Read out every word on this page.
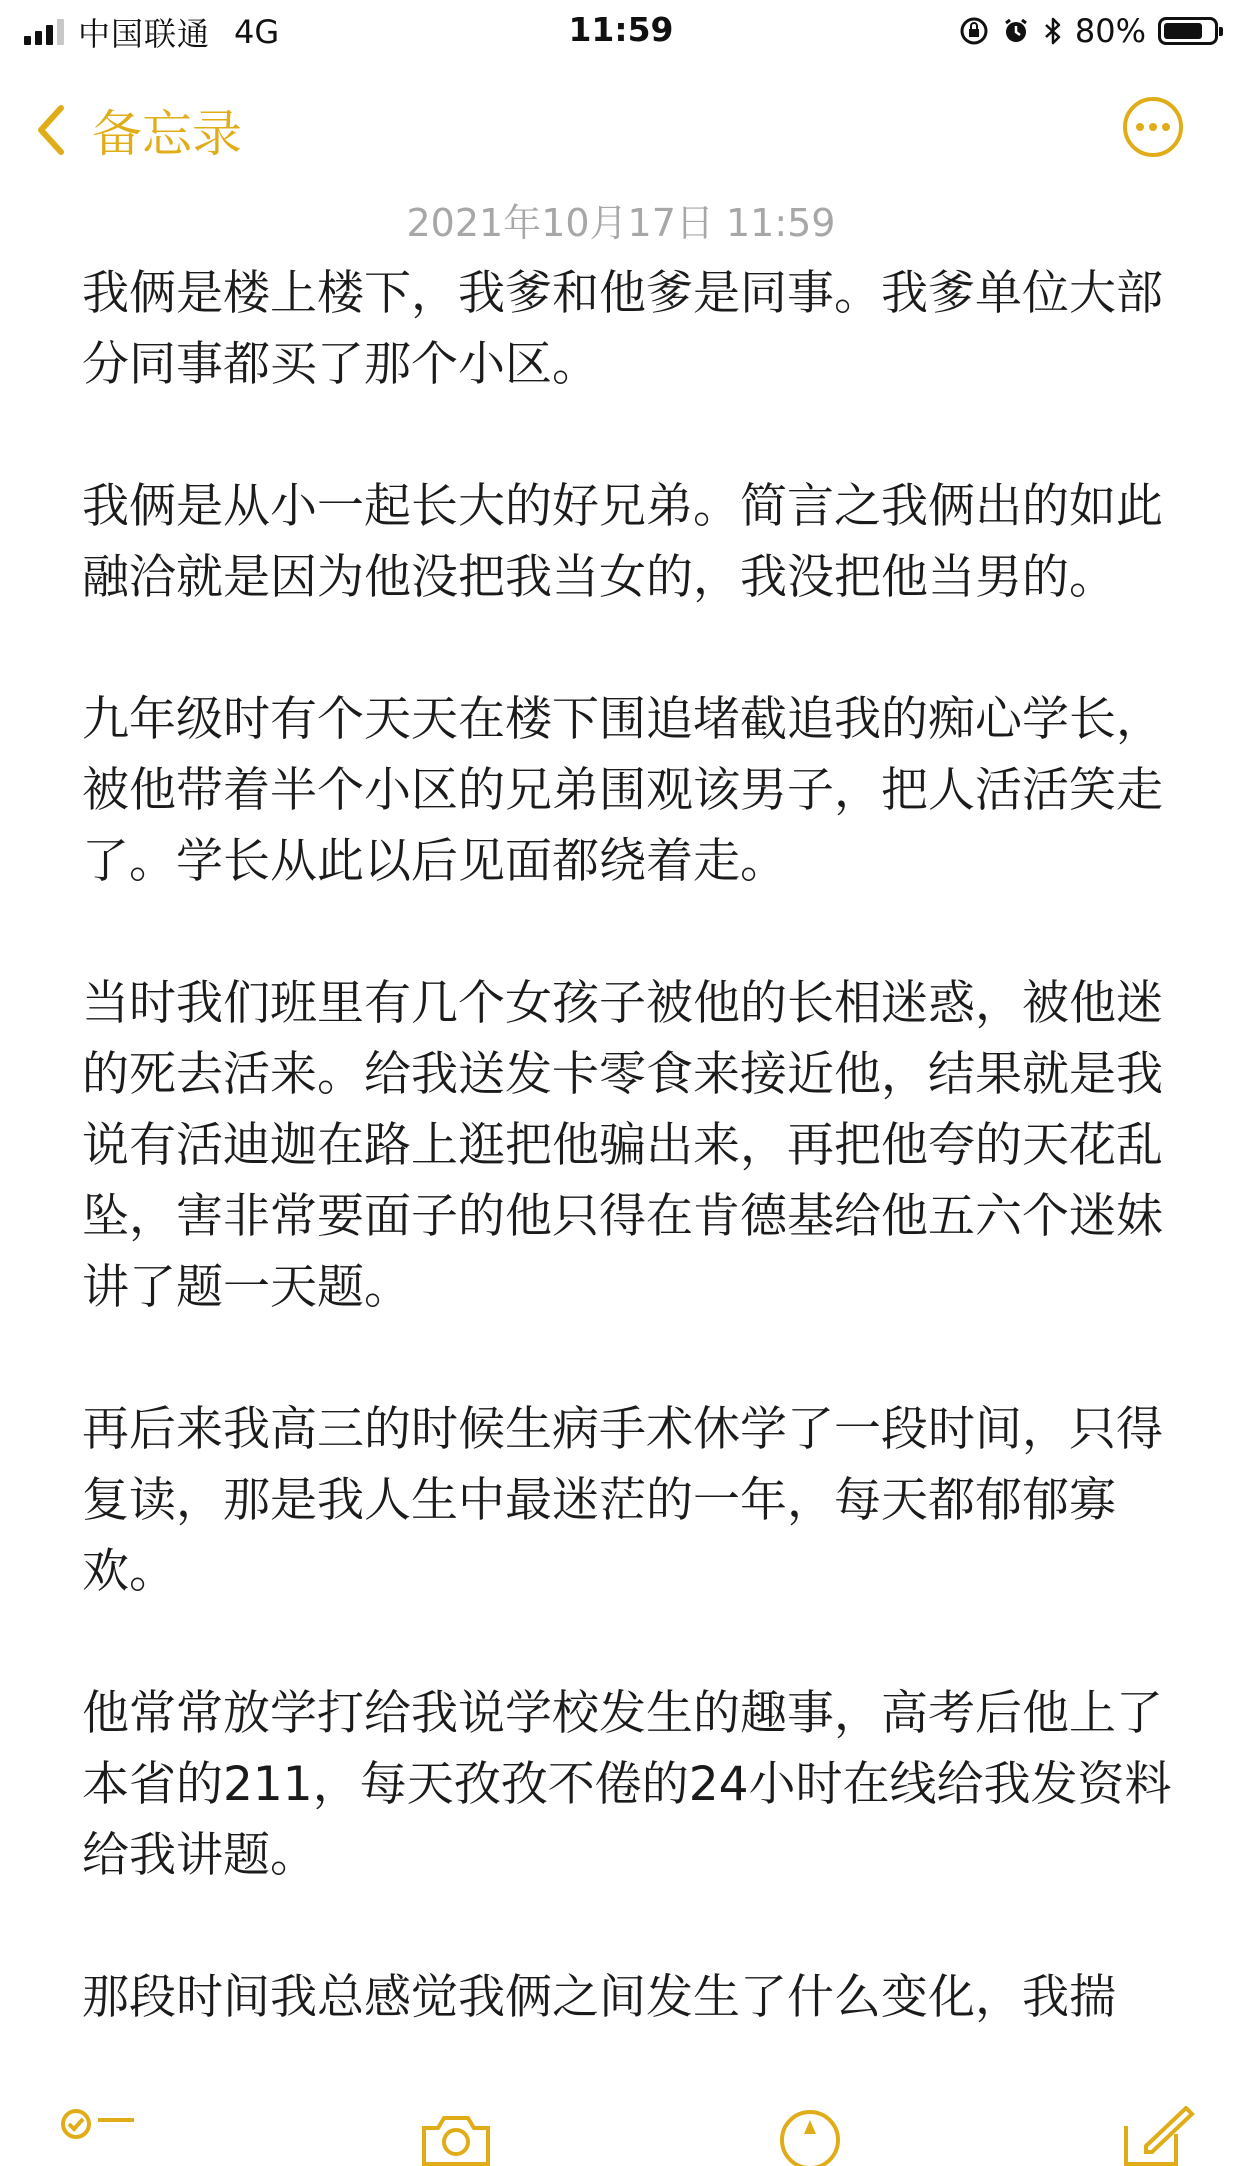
中国联通 4G	11:59	80%
备忘录
2021年10月17日 11:59

我俩是楼上楼下，我爹和他爹是同事。我爹单位大部分同事都买了那个小区。

我俩是从小一起长大的好兄弟。简言之我俩出的如此融洽就是因为他没把我当女的，我没把他当男的。

九年级时有个天天在楼下围追堵截追我的痴心学长，被他带着半个小区的兄弟围观该男子，把人活活笑走了。学长从此以后见面都绕着走。

当时我们班里有几个女孩子被他的长相迷惑，被他迷的死去活来。给我送发卡零食来接近他，结果就是我说有活迪迦在路上逛把他骗出来，再把他夸的天花乱坠，害非常要面子的他只得在肯德基给他五六个迷妹讲了题一天题。

再后来我高三的时候生病手术休学了一段时间，只得复读，那是我人生中最迷茫的一年，每天都郁郁寡欢。

他常常放学打给我说学校发生的趣事，高考后他上了本省的211，每天孜孜不倦的24小时在线给我发资料给我讲题。

那段时间我总感觉我俩之间发生了什么变化，我揣
